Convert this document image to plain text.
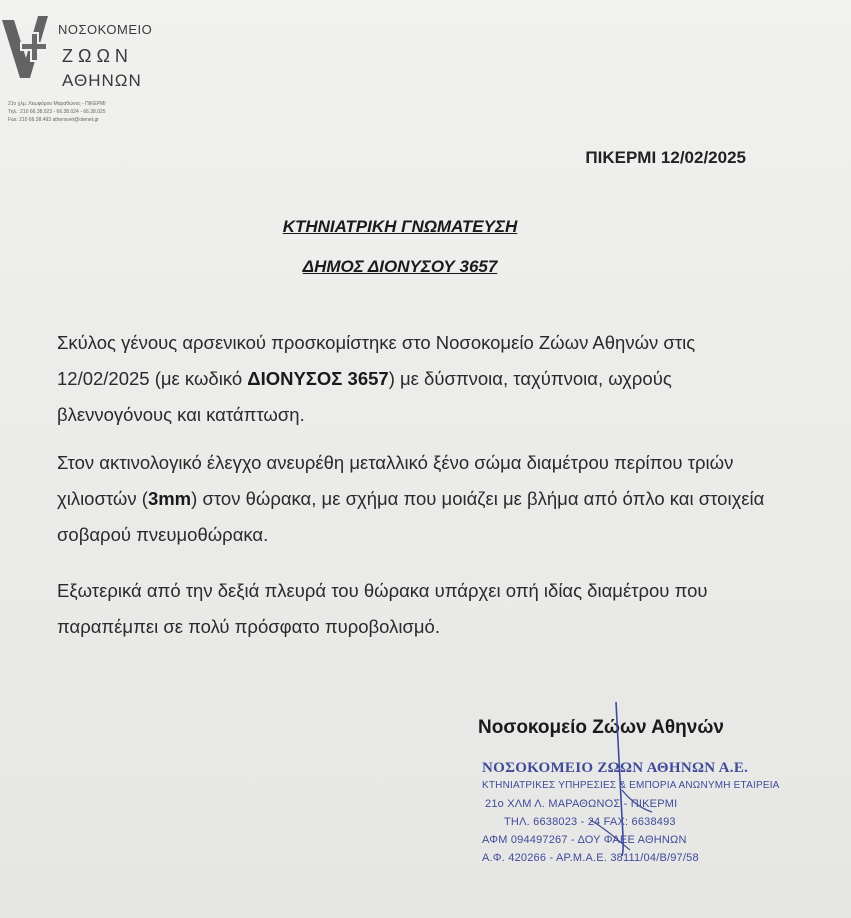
ΝΟΣΟΚΟΜΕΙΟ
ΖΩΩΝ
ΑΘΗΝΩΝ
21ο χλμ. Λεωφόρου Μαραθώνος - ΠΙΚΕΡΜΙ
Τηλ.: 210 66.38.023 - 66.38.024 - 66.38.025
Fax: 210 66.38.493 athensvet@otenet.gr
ΠΙΚΕΡΜΙ 12/02/2025
ΚΤΗΝΙΑΤΡΙΚΗ ΓΝΩΜΑΤΕΥΣΗ
ΔΗΜΟΣ ΔΙΟΝΥΣΟΥ 3657
Σκύλος γένους αρσενικού προσκομίστηκε στο Νοσοκομείο Ζώων Αθηνών στις 12/02/2025 (με κωδικό ΔΙΟΝΥΣΟΣ 3657) με δύσπνοια, ταχύπνοια, ωχρούς βλεννογόνους και κατάπτωση.
Στον ακτινολογικό έλεγχο ανευρέθη μεταλλικό ξένο σώμα διαμέτρου περίπου τριών χιλιοστών (3mm) στον θώρακα, με σχήμα που μοιάζει με βλήμα από όπλο και στοιχεία σοβαρού πνευμοθώρακα.
Εξωτερικά από την δεξιά πλευρά του θώρακα υπάρχει οπή ιδίας διαμέτρου που παραπέμπει σε πολύ πρόσφατο πυροβολισμό.
Νοσοκομείο Ζώων Αθηνών
ΝΟΣΟΚΟΜΕΙΟ ΖΩΩΝ ΑΘΗΝΩΝ Α.Ε.
ΚΤΗΝΙΑΤΡΙΚΕΣ ΥΠΗΡΕΣΙΕΣ & ΕΜΠΟΡΙΑ ΑΝΩΝΥΜΗ ΕΤΑΙΡΕΙΑ
21ο ΧΛΜ Λ. ΜΑΡΑΘΩΝΟΣ - ΠΙΚΕΡΜΙ
ΤΗΛ. 6638023 - 24 FAX: 6638493
ΑΦΜ 094497267 - ΔΟΥ ΦΑΕΕ ΑΘΗΝΩΝ
Α.Φ. 420266 - ΑΡ.Μ.Α.Ε. 38111/04/Β/97/58
